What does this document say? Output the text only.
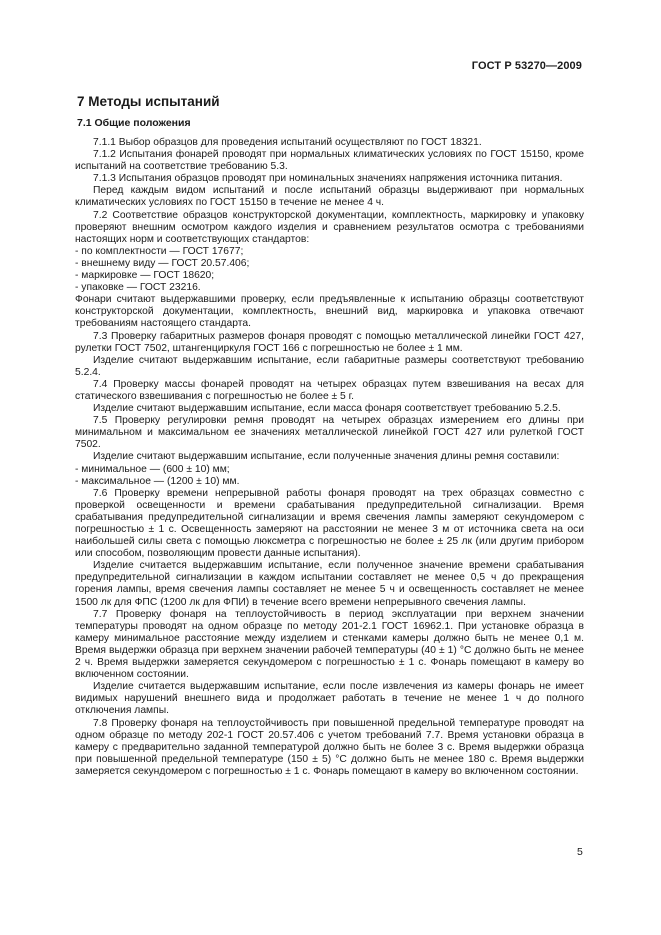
ГОСТ Р 53270—2009
7 Методы испытаний
7.1 Общие положения

7.1.1 Выбор образцов для проведения испытаний осуществляют по ГОСТ 18321.

7.1.2 Испытания фонарей проводят при нормальных климатических условиях по ГОСТ 15150, кроме испытаний на соответствие требованию 5.3.

7.1.3 Испытания образцов проводят при номинальных значениях напряжения источника питания.

Перед каждым видом испытаний и после испытаний образцы выдерживают при нормальных климатических условиях по ГОСТ 15150 в течение не менее 4 ч.

7.2 Соответствие образцов конструкторской документации, комплектность, маркировку и упаковку проверяют внешним осмотром каждого изделия и сравнением результатов осмотра с требованиями настоящих норм и соответствующих стандартов:

- по комплектности — ГОСТ 17677;

- внешнему виду — ГОСТ 20.57.406;

- маркировке — ГОСТ 18620;

- упаковке — ГОСТ 23216.

Фонари считают выдержавшими проверку, если предъявленные к испытанию образцы соответствуют конструкторской документации, комплектность, внешний вид, маркировка и упаковка отвечают требованиям настоящего стандарта.

7.3 Проверку габаритных размеров фонаря проводят с помощью металлической линейки ГОСТ 427, рулетки ГОСТ 7502, штангенциркуля ГОСТ 166 с погрешностью не более ± 1 мм.

Изделие считают выдержавшим испытание, если габаритные размеры соответствуют требованию 5.2.4.

7.4 Проверку массы фонарей проводят на четырех образцах путем взвешивания на весах для статического взвешивания с погрешностью не более ± 5 г.

Изделие считают выдержавшим испытание, если масса фонаря соответствует требованию 5.2.5.

7.5 Проверку регулировки ремня проводят на четырех образцах измерением его длины при минимальном и максимальном ее значениях металлической линейкой ГОСТ 427 или рулеткой ГОСТ 7502.

Изделие считают выдержавшим испытание, если полученные значения длины ремня составили:

- минимальное — (600 ± 10) мм;

- максимальное — (1200 ± 10) мм.

7.6 Проверку времени непрерывной работы фонаря проводят на трех образцах совместно с проверкой освещенности и времени срабатывания предупредительной сигнализации. Время срабатывания предупредительной сигнализации и время свечения лампы замеряют секундомером с погрешностью ± 1 с. Освещенность замеряют на расстоянии не менее 3 м от источника света на оси наибольшей силы света с помощью люксметра с погрешностью не более ± 25 лк (или другим прибором или способом, позволяющим провести данные испытания).

Изделие считается выдержавшим испытание, если полученное значение времени срабатывания предупредительной сигнализации в каждом испытании составляет не менее 0,5 ч до прекращения горения лампы, время свечения лампы составляет не менее 5 ч и освещенность составляет не менее 1500 лк для ФПС (1200 лк для ФПИ) в течение всего времени непрерывного свечения лампы.

7.7 Проверку фонаря на теплоустойчивость в период эксплуатации при верхнем значении температуры проводят на одном образце по методу 201-2.1 ГОСТ 16962.1. При установке образца в камеру минимальное расстояние между изделием и стенками камеры должно быть не менее 0,1 м. Время выдержки образца при верхнем значении рабочей температуры (40 ± 1) °С должно быть не менее 2 ч. Время выдержки замеряется секундомером с погрешностью ± 1 с. Фонарь помещают в камеру во включенном состоянии.

Изделие считается выдержавшим испытание, если после извлечения из камеры фонарь не имеет видимых нарушений внешнего вида и продолжает работать в течение не менее 1 ч до полного отключения лампы.

7.8 Проверку фонаря на теплоустойчивость при повышенной предельной температуре проводят на одном образце по методу 202-1 ГОСТ 20.57.406 с учетом требований 7.7. Время установки образца в камеру с предварительно заданной температурой должно быть не более 3 с. Время выдержки образца при повышенной предельной температуре (150 ± 5) °С должно быть не менее 180 с. Время выдержки замеряется секундомером с погрешностью ± 1 с. Фонарь помещают в камеру во включенном состоянии.

5
